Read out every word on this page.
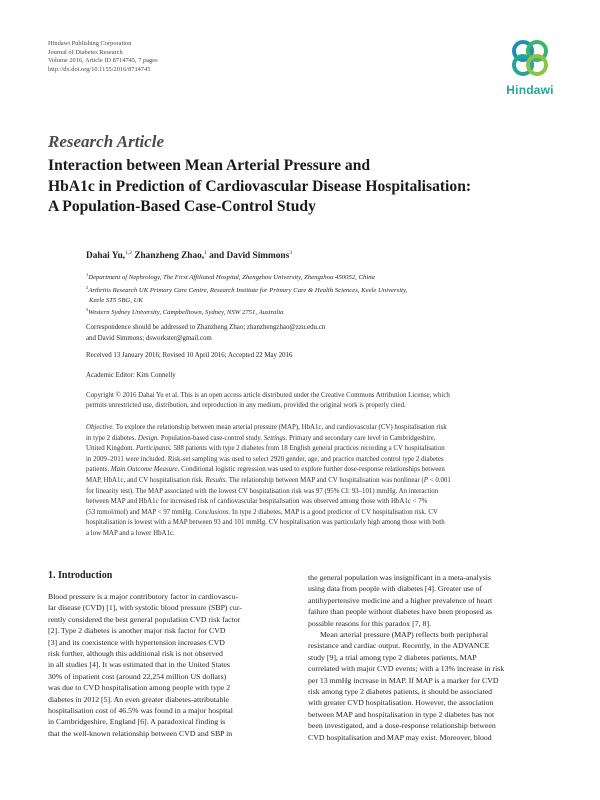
Hindawi Publishing Corporation
Journal of Diabetes Research
Volume 2016, Article ID 8714745, 7 pages
http://dx.doi.org/10.1155/2016/8714745
Hindawi
Research Article
Interaction between Mean Arterial Pressure and
HbA1c in Prediction of Cardiovascular Disease Hospitalisation:
A Population-Based Case-Control Study
Dahai Yu,$^{1,2}$ Zhanzheng Zhao,$^1$ and David Simmons$^3$
$^1$Department of Nephrology, The First Affiliated Hospital, Zhengzhou University, Zhengzhou 450052, China
$^2$Arthritis Research UK Primary Care Centre, Research Institute for Primary Care & Health Sciences, Keele University,
Keele ST5 5BG, UK
$^3$Western Sydney University, Campbelltown, Sydney, NSW 2751, Australia
Correspondence should be addressed to Zhanzheng Zhao; zhanzhengzhao@zzu.edu.cn
and David Simmons; dsworkster@gmail.com
Received 13 January 2016; Revised 10 April 2016; Accepted 22 May 2016
Academic Editor: Kim Connelly
Copyright © 2016 Dahai Yu et al. This is an open access article distributed under the Creative Commons Attribution License, which
permits unrestricted use, distribution, and reproduction in any medium, provided the original work is properly cited.
Objective. To explore the relationship between mean arterial pressure (MAP), HbA1c, and cardiovascular (CV) hospitalisation risk
in type 2 diabetes. Design. Population-based case-control study. Settings. Primary and secondary care level in Cambridgeshire,
United Kingdom. Participants. 588 patients with type 2 diabetes from 18 English general practices recording a CV hospitalisation
in 2009–2011 were included. Risk-set sampling was used to select 2920 gender, age, and practice matched control type 2 diabetes
patients. Main Outcome Measure. Conditional logistic regression was used to explore further dose-response relationships between
MAP, HbA1c, and CV hospitalisation risk. Results. The relationship between MAP and CV hospitalisation was nonlinear (P < 0.001
for linearity test). The MAP associated with the lowest CV hospitalisation risk was 97 (95% CI: 93–101) mmHg. An interaction
between MAP and HbA1c for increased risk of cardiovascular hospitalisation was observed among those with HbA1c < 7%
(53 mmol/mol) and MAP < 97 mmHg. Conclusions. In type 2 diabetes, MAP is a good predictor of CV hospitalisation risk. CV
hospitalisation is lowest with a MAP between 93 and 101 mmHg. CV hospitalisation was particularly high among those with both
a low MAP and a lower HbA1c.
1. Introduction
Blood pressure is a major contributory factor in cardiovascu-
lar disease (CVD) [1], with systolic blood pressure (SBP) cur-
rently considered the best general population CVD risk factor
[2]. Type 2 diabetes is another major risk factor for CVD
[3] and its coexistence with hypertension increases CVD
risk further, although this additional risk is not observed
in all studies [4]. It was estimated that in the United States
30% of inpatient cost (around 22,254 million US dollars)
was due to CVD hospitalisation among people with type 2
diabetes in 2012 [5]. An even greater diabetes-attributable
hospitalisation cost of 46.5% was found in a major hospital
in Cambridgeshire, England [6]. A paradoxical finding is
that the well-known relationship between CVD and SBP in
the general population was insignificant in a meta-analysis
using data from people with diabetes [4]. Greater use of
antihypertensive medicine and a higher prevalence of heart
failure than people without diabetes have been proposed as
possible reasons for this paradox [7, 8].
Mean arterial pressure (MAP) reflects both peripheral
resistance and cardiac output. Recently, in the ADVANCE
study [9], a trial among type 2 diabetes patients, MAP
correlated with major CVD events; with a 13% increase in risk
per 13 mmHg increase in MAP. If MAP is a marker for CVD
risk among type 2 diabetes patients, it should be associated
with greater CVD hospitalisation. However, the association
between MAP and hospitalisation in type 2 diabetes has not
been investigated, and a dose-response relationship between
CVD hospitalisation and MAP may exist. Moreover, blood
